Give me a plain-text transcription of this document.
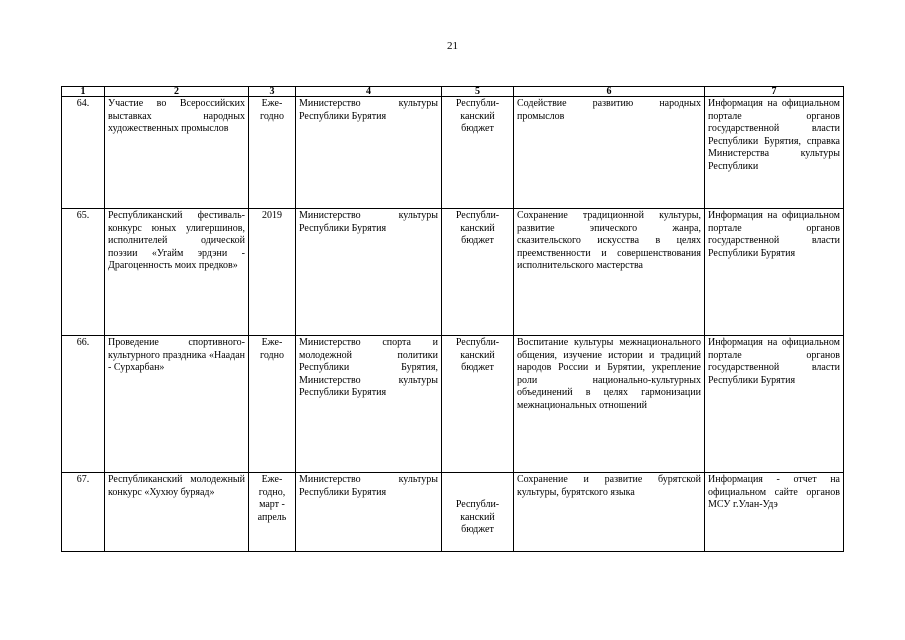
21
1	2	3	4	5	6	7
64.	Участие во Всероссийских выставках народных художественных промыслов	Еже-годно	Министерство культуры Республики Бурятия	Республи-канский бюджет	Содействие развитию народных промыслов	Информация на официальном портале органов государственной власти Республики Бурятия, справка Министерства культуры Республики
65.	Республиканский фестиваль-конкурс юных улигершинов, исполнителей одической поэзии «Угайм эрдэни - Драгоценность моих предков»	2019	Министерство культуры Республики Бурятия	Республи-канский бюджет	Сохранение традиционной культуры, развитие эпического жанра, сказительского искусства в целях преемственности и совершенствования исполнительского мастерства	Информация на официальном портале органов государственной власти Республики Бурятия
66.	Проведение спортивного-культурного праздника «Наадан - Сурхарбан»	Еже-годно	Министерство спорта и молодежной политики Республики Бурятия, Министерство культуры Республики Бурятия	Республи-канский бюджет	Воспитание культуры межнационального общения, изучение истории и традиций народов России и Бурятии, укрепление роли национально-культурных объединений в целях гармонизации межнациональных отношений	Информация на официальном портале органов государственной власти Республики Бурятия
67.	Республиканский молодежный конкурс «Хухюу буряад»	Еже-годно, март - апрель	Министерство культуры Республики Бурятия	Республи-канский бюджет	Сохранение и развитие бурятской культуры, бурятского языка	Информация - отчет на официальном сайте органов МСУ г.Улан-Удэ
